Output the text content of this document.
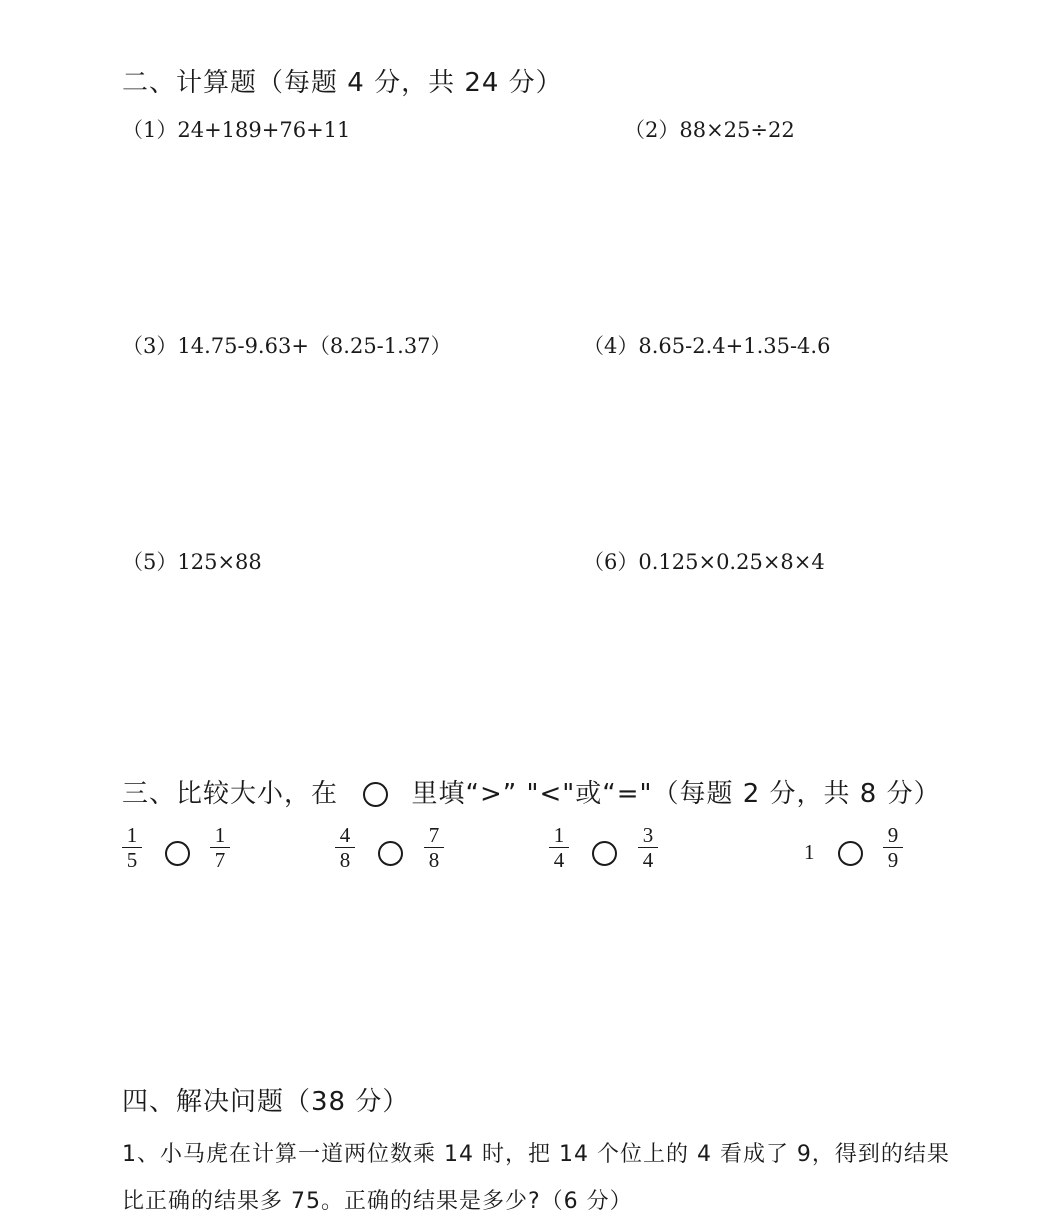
二、计算题（每题 4 分，共 24 分）
（1）24+189+76+11	（2）88×25÷22
（3）14.75-9.63+（8.25-1.37）	（4）8.65-2.4+1.35-4.6
（5）125×88	（6）0.125×0.25×8×4
三、比较大小，在	里填“>” "<"或“="（每题 2 分，共 8 分）
1
5
1
7
4
8
7
8
1
4
3
4	1
9
9
四、解决问题（38 分）
1、小马虎在计算一道两位数乘 14 时，把 14 个位上的 4 看成了 9，得到的结果
比正确的结果多 75。正确的结果是多少?（6 分）
